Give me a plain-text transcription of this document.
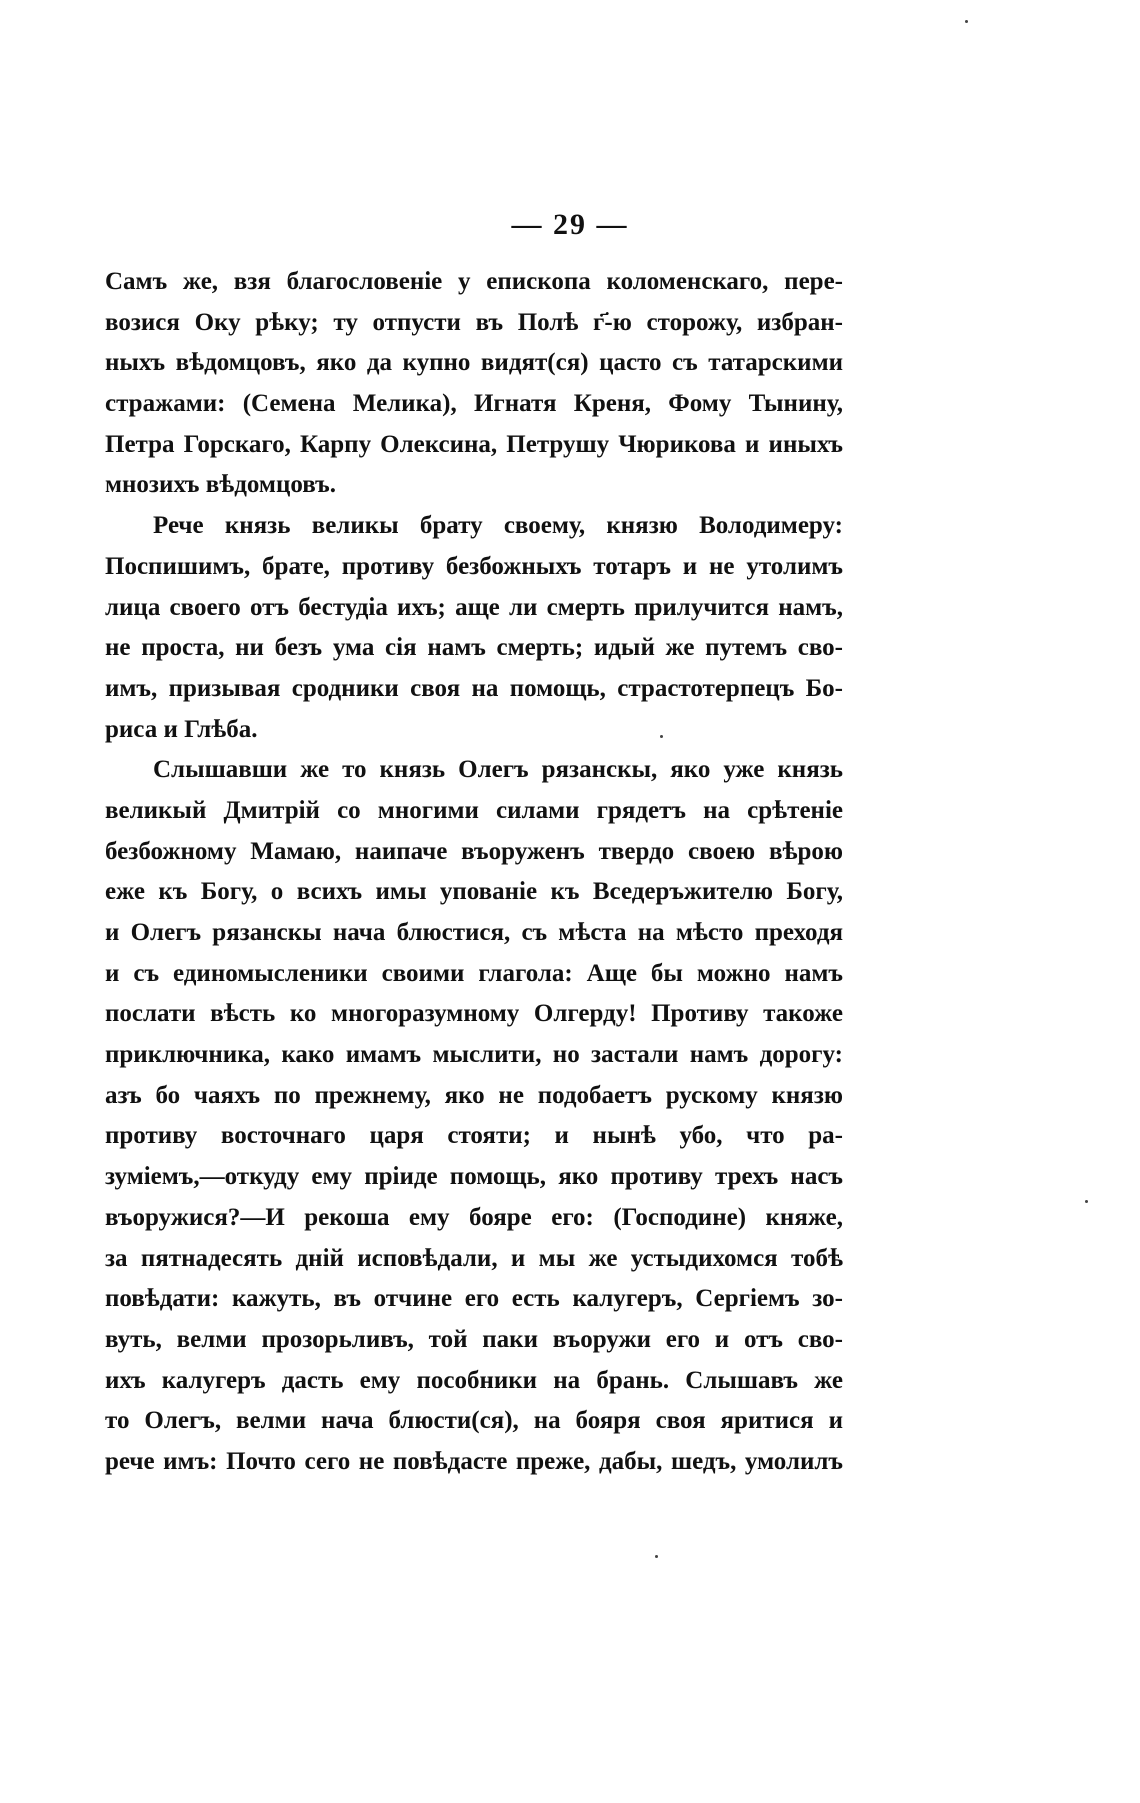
— 29 —
Самъ же, взя благословеніе у епископа коломенскаго, пере-
возися Оку рѣку; ту отпусти въ Полѣ г҃-ю сторожу, избран-
ныхъ вѣдомцовъ, яко да купно видят(ся) цасто съ татарскими
стражами: (Семена Мелика), Игнатя Креня, Фому Тынину,
Петра Горскаго, Карпу Олексина, Петрушу Чюрикова и иныхъ
мнозихъ вѣдомцовъ.
Рече князь великы брату своему, князю Володимеру:
Поспишимъ, брате, противу безбожныхъ тотаръ и не утолимъ
лица своего отъ бестудіа ихъ; аще ли смерть прилучится намъ,
не проста, ни безъ ума сія намъ смерть; идый же путемъ сво-
имъ, призывая сродники своя на помощь, страстотерпецъ Бо-
риса и Глѣба.
Слышавши же то князь Олегъ рязанскы, яко уже князь
великый Дмитрій со многими силами грядетъ на срѣтеніе
безбожному Мамаю, наипаче въоруженъ твердо своею вѣрою
еже къ Богу, о всихъ имы упованіе къ Вседеръжителю Богу,
и Олегъ рязанскы нача блюстися, съ мѣста на мѣсто преходя
и съ единомысленики своими глагола: Аще бы можно намъ
послати вѣсть ко многоразумному Олгерду! Противу такоже
приключника, како имамъ мыслити, но застали намъ дорогу:
азъ бо чаяхъ по прежнему, яко не подобаетъ рускому князю
противу восточнаго царя стояти; и нынѣ убо, что ра-
зуміемъ,—откуду ему пріиде помощь, яко противу трехъ насъ
въоружися?—И рекоша ему бояре его: (Господине) княже,
за пятнадесять дній исповѣдали, и мы же устыдихомся тобѣ
повѣдати: кажуть, въ отчине его есть калугеръ, Сергіемъ зо-
вуть, велми прозорьливъ, той паки въоружи его и отъ сво-
ихъ калугеръ дасть ему пособники на брань. Слышавъ же
то Олегъ, велми нача блюсти(ся), на бояря своя яритися и
рече имъ: Почто сего не повѣдасте преже, дабы, шедъ, умолилъ
